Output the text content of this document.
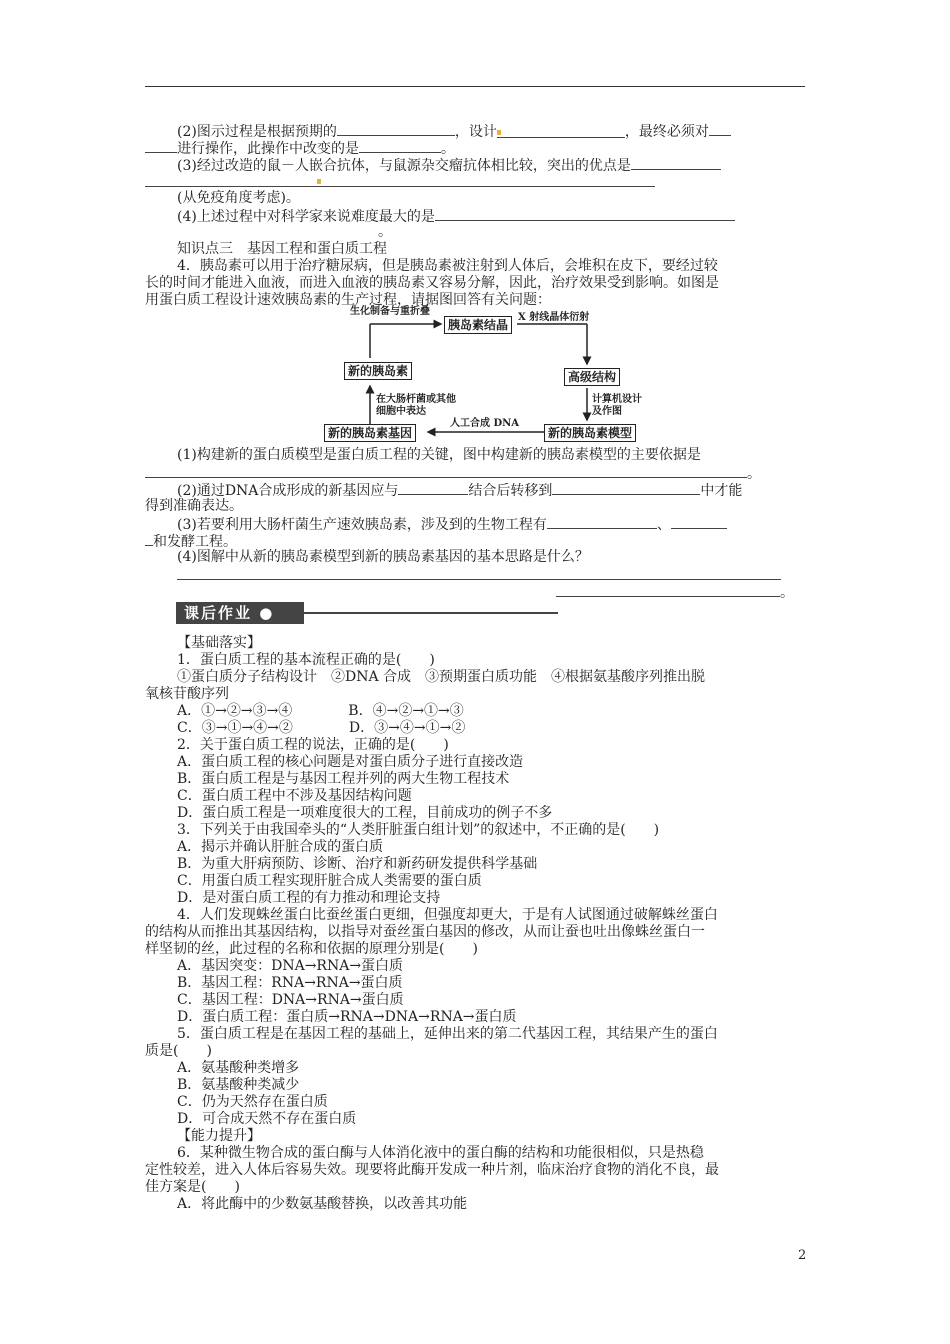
(2)图示过程是根据预期的	，设计	，最终必须对
进行操作，此操作中改变的是	。
(3)经过改造的鼠－人嵌合抗体，与鼠源杂交瘤抗体相比较，突出的优点是
(从免疫角度考虑)。
(4)上述过程中对科学家来说难度最大的是
。
知识点三　基因工程和蛋白质工程
4．胰岛素可以用于治疗糖尿病，但是胰岛素被注射到人体后，会堆积在皮下，要经过较
长的时间才能进入血液，而进入血液的胰岛素又容易分解，因此，治疗效果受到影响。如图是
用蛋白质工程设计速效胰岛素的生产过程，请据图回答有关问题：
胰岛素结晶
新的胰岛素	高级结构
新的胰岛素基因	新的胰岛素模型
生化制备与重折叠
X 射线晶体衍射
在大肠杆菌或其他
细胞中表达
计算机设计
及作图
人工合成 DNA
(1)构建新的蛋白质模型是蛋白质工程的关键，图中构建新的胰岛素模型的主要依据是
。
(2)通过DNA合成形成的新基因应与	结合后转移到	中才能
得到准确表达。
(3)若要利用大肠杆菌生产速效胰岛素，涉及到的生物工程有	、
和发酵工程。
(4)图解中从新的胰岛素模型到新的胰岛素基因的基本思路是什么？
。
课后作业 ●
【基础落实】
1．蛋白质工程的基本流程正确的是(　　)
①蛋白质分子结构设计　②DNA 合成　③预期蛋白质功能　④根据氨基酸序列推出脱
氧核苷酸序列
A．①→②→③→④　　　　B．④→②→①→③
C．③→①→④→②　　　　D．③→④→①→②
2．关于蛋白质工程的说法，正确的是(　　)
A．蛋白质工程的核心问题是对蛋白质分子进行直接改造
B．蛋白质工程是与基因工程并列的两大生物工程技术
C．蛋白质工程中不涉及基因结构问题
D．蛋白质工程是一项难度很大的工程，目前成功的例子不多
3．下列关于由我国牵头的“人类肝脏蛋白组计划”的叙述中，不正确的是(　　)
A．揭示并确认肝脏合成的蛋白质
B．为重大肝病预防、诊断、治疗和新药研发提供科学基础
C．用蛋白质工程实现肝脏合成人类需要的蛋白质
D．是对蛋白质工程的有力推动和理论支持
4．人们发现蛛丝蛋白比蚕丝蛋白更细，但强度却更大，于是有人试图通过破解蛛丝蛋白
的结构从而推出其基因结构，以指导对蚕丝蛋白基因的修改，从而让蚕也吐出像蛛丝蛋白一
样坚韧的丝，此过程的名称和依据的原理分别是(　　)
A．基因突变：DNA→RNA→蛋白质
B．基因工程：RNA→RNA→蛋白质
C．基因工程：DNA→RNA→蛋白质
D．蛋白质工程：蛋白质→RNA→DNA→RNA→蛋白质
5．蛋白质工程是在基因工程的基础上，延伸出来的第二代基因工程，其结果产生的蛋白
质是(　　)
A．氨基酸种类增多
B．氨基酸种类减少
C．仍为天然存在蛋白质
D．可合成天然不存在蛋白质
【能力提升】
6．某种微生物合成的蛋白酶与人体消化液中的蛋白酶的结构和功能很相似，只是热稳
定性较差，进入人体后容易失效。现要将此酶开发成一种片剂，临床治疗食物的消化不良，最
佳方案是(　　)
A．将此酶中的少数氨基酸替换，以改善其功能
2
